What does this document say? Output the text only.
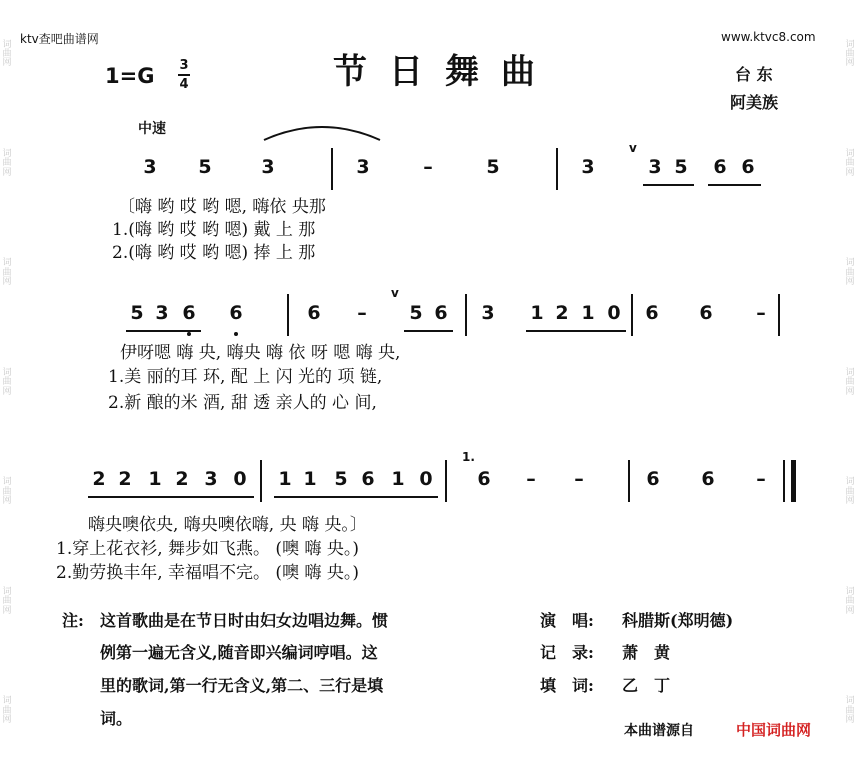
词
曲
网
词
曲
网
词
曲
网
词
曲
网
词
曲
网
词
曲
网
词
曲
网
词
曲
网
词
曲
网
词
曲
网
词
曲
网
词
曲
网
词
曲
网
词
曲
网
ktv查吧曲谱网	www.ktvc8.com
节日舞曲
1=G 3
4
台 东
阿美族
中速
3 5	3	3	–	5	3	3 5 6 6
v
5 3 6 6	6 – 5 6 3 1 2 1 0 6 6 –
v
2 2 1 2 3 0 1 1 5 6 1 0 6 – –	6 6 –
1.
〔嗨 哟 哎 哟 嗯, 嗨依 央那
1.(嗨 哟 哎 哟 嗯) 戴 上 那
2.(嗨 哟 哎 哟 嗯) 捧 上 那
伊呀嗯 嗨 央, 嗨央 嗨 依 呀 嗯 嗨 央,
1.美 丽的耳 环, 配 上 闪 光的 项 链,
2.新 酿的米 酒, 甜 透 亲人的 心 间,
嗨央噢依央, 嗨央噢依嗨, 央 嗨 央。〕
1.穿上花衣衫, 舞步如飞燕。 (噢 嗨 央。)
2.勤劳换丰年, 幸福唱不完。 (噢 嗨 央。)
注: 这首歌曲是在节日时由妇女边唱边舞。惯
例第一遍无含义,随音即兴编词哼唱。这
里的歌词,第一行无含义,第二、三行是填
词。
演　唱: 科腊斯(郑明德)
记　录: 萧　黄
填　词: 乙　丁
本曲谱源自	中国词曲网
